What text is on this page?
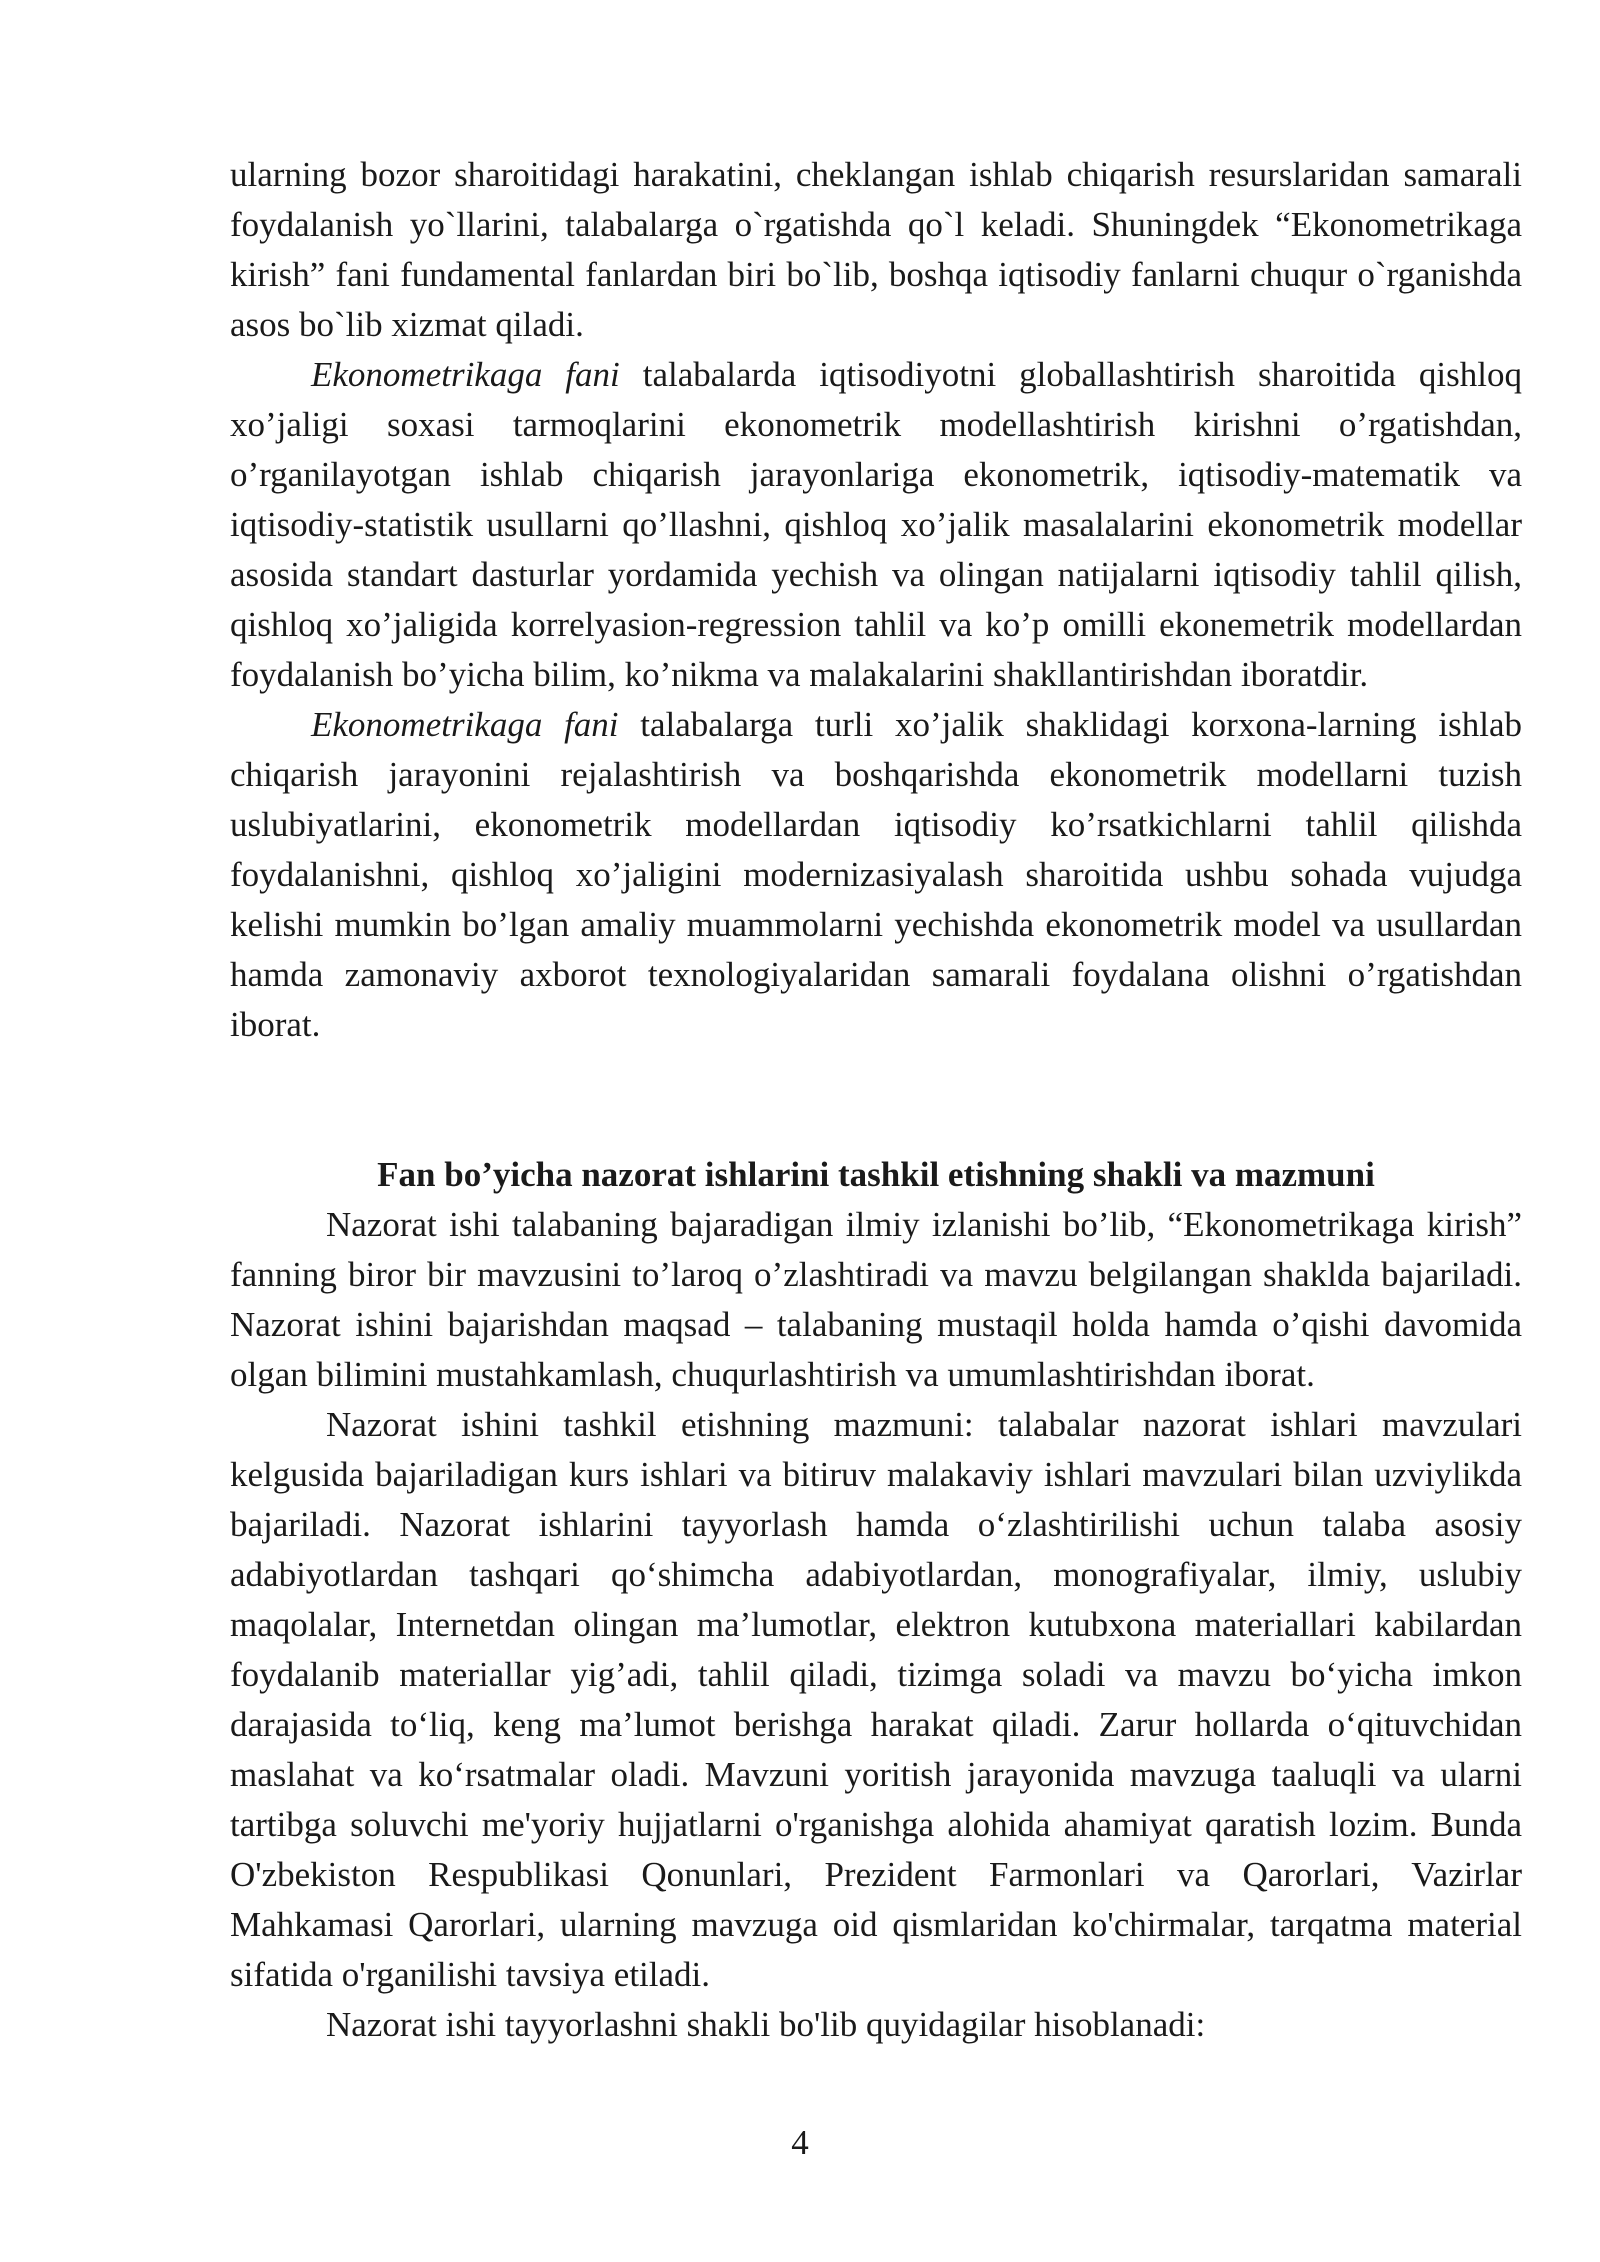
ularning bozor sharoitidagi harakatini, cheklangan ishlab chiqarish resurslaridan samarali foydalanish yo`llarini, talabalarga o`rgatishda qo`l keladi. Shuningdek “Ekonometrikaga kirish” fani fundamental fanlardan biri bo`lib, boshqa iqtisodiy fanlarni chuqur o`rganishda asos bo`lib xizmat qiladi.

Ekonometrikaga fani talabalarda iqtisodiyotni globallashtirish sharoitida qishloq xo’jaligi soxasi tarmoqlarini ekonometrik modellashtirish kirishni o’rgatishdan, o’rganilayotgan ishlab chiqarish jarayonlariga ekonometrik, iqtisodiy-matematik va iqtisodiy-statistik usullarni qo’llashni, qishloq xo’jalik masalalarini ekonometrik modellar asosida standart dasturlar yordamida yechish va olingan natijalarni iqtisodiy tahlil qilish, qishloq xo’jaligida korrelyasion-regression tahlil va ko’p omilli ekonemetrik modellardan foydalanish bo’yicha bilim, ko’nikma va malakalarini shakllantirishdan iboratdir.

Ekonometrikaga fani talabalarga turli xo’jalik shaklidagi korxona-larning ishlab chiqarish jarayonini rejalashtirish va boshqarishda ekonometrik modellarni tuzish uslubiyatlarini, ekonometrik modellardan iqtisodiy ko’rsatkichlarni tahlil qilishda foydalanishni, qishloq xo’jaligini modernizasiyalash sharoitida ushbu sohada vujudga kelishi mumkin bo’lgan amaliy muammolarni yechishda ekonometrik model va usullardan hamda zamonaviy axborot texnologiyalaridan samarali foydalana olishni o’rgatishdan iborat.

Fan bo’yicha nazorat ishlarini tashkil etishning shakli va mazmuni

Nazorat ishi talabaning bajaradigan ilmiy izlanishi bo’lib, “Ekonometrikaga kirish” fanning biror bir mavzusini to’laroq o’zlashtiradi va mavzu belgilangan shaklda bajariladi. Nazorat ishini bajarishdan maqsad – talabaning mustaqil holda hamda o’qishi davomida olgan bilimini mustahkamlash, chuqurlashtirish va umumlashtirishdan iborat.

Nazorat ishini tashkil etishning mazmuni: talabalar nazorat ishlari mavzulari kelgusida bajariladigan kurs ishlari va bitiruv malakaviy ishlari mavzulari bilan uzviylikda bajariladi. Nazorat ishlarini tayyorlash hamda o‘zlashtirilishi uchun talaba asosiy adabiyotlardan tashqari qo‘shimcha adabiyotlardan, monografiyalar, ilmiy, uslubiy maqolalar, Internetdan olingan ma’lumotlar, elektron kutubxona materiallari kabilardan foydalanib materiallar yig’adi, tahlil qiladi, tizimga soladi va mavzu bo‘yicha imkon darajasida to‘liq, keng ma’lumot berishga harakat qiladi. Zarur hollarda o‘qituvchidan maslahat va ko‘rsatmalar oladi. Mavzuni yoritish jarayonida mavzuga taaluqli va ularni tartibga soluvchi me'yoriy hujjatlarni o'rganishga alohida ahamiyat qaratish lozim. Bunda O'zbekiston Respublikasi Qonunlari, Prezident Farmonlari va Qarorlari, Vazirlar Mahkamasi Qarorlari, ularning mavzuga oid qismlaridan ko'chirmalar, tarqatma material sifatida o'rganilishi tavsiya etiladi.

Nazorat ishi tayyorlashni shakli bo'lib quyidagilar hisoblanadi:

4
